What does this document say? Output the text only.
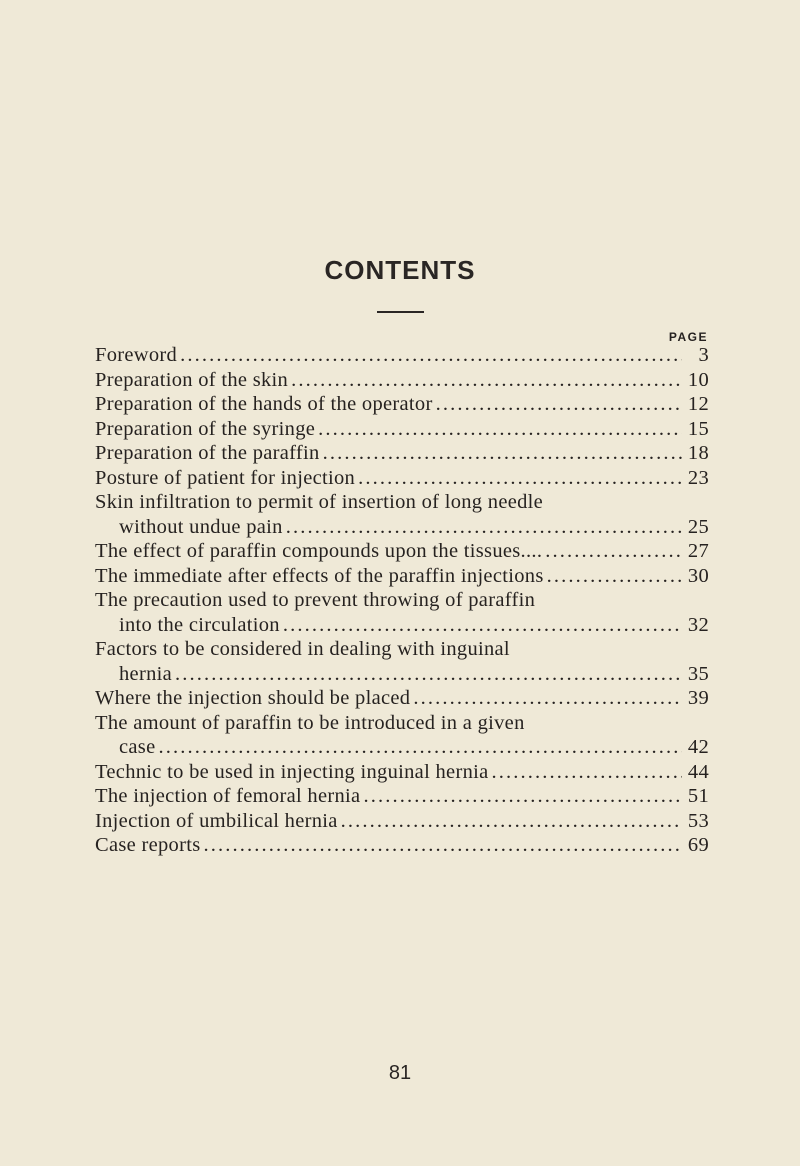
CONTENTS
PAGE
Foreword . . .	3
Preparation of the skin . . .	10
Preparation of the hands of the operator . . .	12
Preparation of the syringe . . .	15
Preparation of the paraffin . . .	18
Posture of patient for injection . . .	23
Skin infiltration to permit of insertion of long needle
without undue pain . . .	25
The effect of paraffin compounds upon the tissues.... . . .	27
The immediate after effects of the paraffin injections . . .	30
The precaution used to prevent throwing of paraffin
into the circulation . . .	32
Factors to be considered in dealing with inguinal
hernia . . .	35
Where the injection should be placed . . .	39
The amount of paraffin to be introduced in a given
case . . .	42
Technic to be used in injecting inguinal hernia . . .	44
The injection of femoral hernia . . .	51
Injection of umbilical hernia . . .	53
Case reports . . .	69
81
